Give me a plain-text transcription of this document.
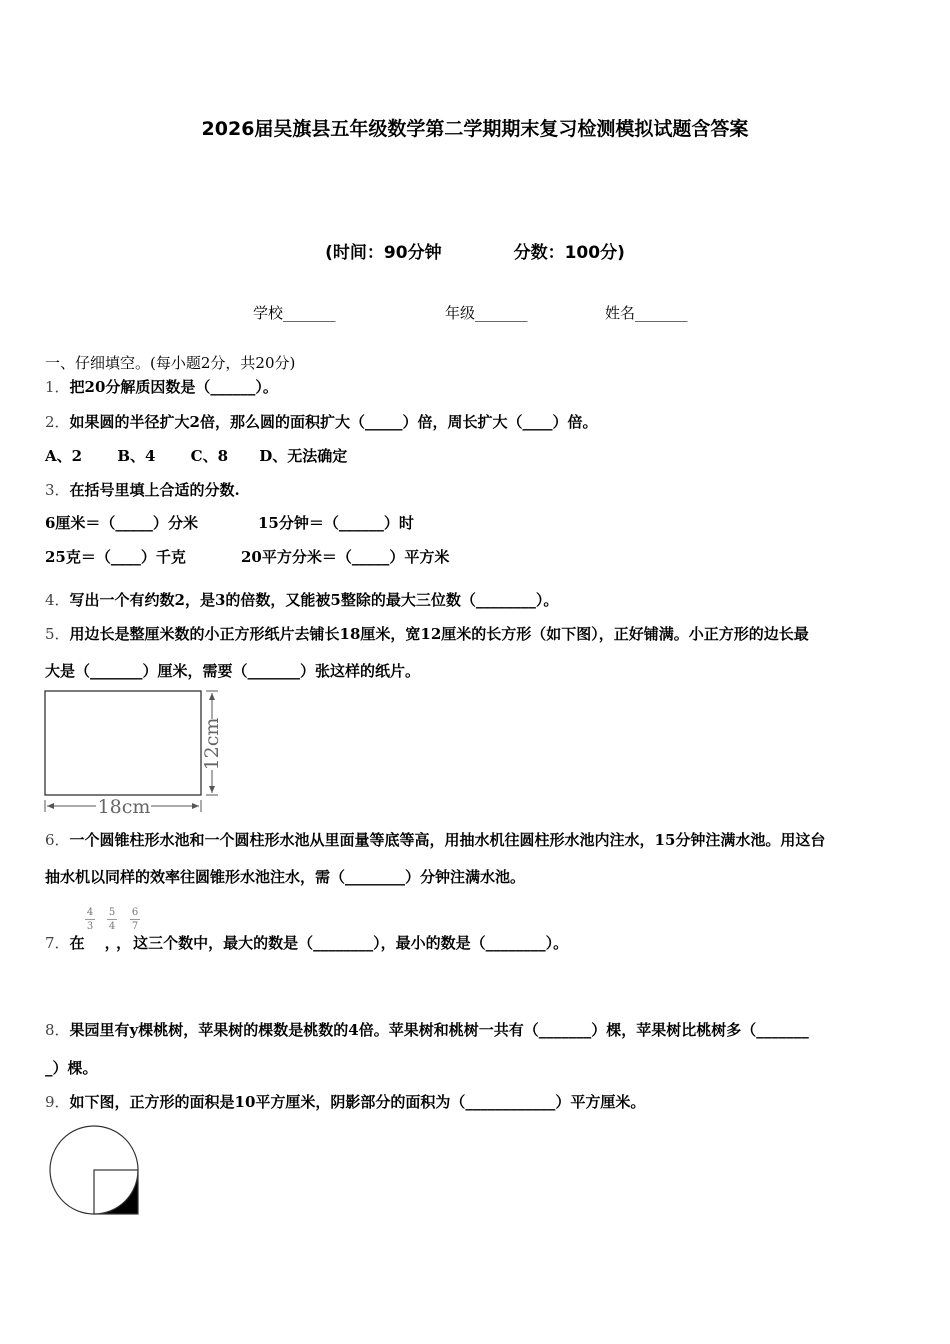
2026届吴旗县五年级数学第二学期期末复习检测模拟试题含答案
(时间：90分钟	分数：100分)
学校_______	年级_______	姓名_______
一、仔细填空。(每小题2分，共20分)
1．把20分解质因数是（______）。
2．如果圆的半径扩大2倍，那么圆的面积扩大（_____）倍，周长扩大（____）倍。
A、2 B、4 C、8 D、无法确定
3．在括号里填上合适的分数.
6厘米＝（_____）分米	15分钟＝（______）时
25克＝（____）千克	20平方分米＝（_____）平方米
4．写出一个有约数2，是3的倍数，又能被5整除的最大三位数（________）。
5．用边长是整厘米数的小正方形纸片去铺长18厘米，宽12厘米的长方形（如下图），正好铺满。小正方形的边长最
大是（_______）厘米，需要（_______）张这样的纸片。
18cm
12cm
6．一个圆锥柱形水池和一个圆柱形水池从里面量等底等高，用抽水机往圆柱形水池内注水，15分钟注满水池。用这台
抽水机以同样的效率往圆锥形水池注水，需（________）分钟注满水池。
$\frac{4}{3} \frac{5}{4} \frac{6}{7}$
7．在 ， ， 这三个数中，最大的数是（________），最小的数是（________）。
8．果园里有y棵桃树，苹果树的棵数是桃数的4倍。苹果树和桃树一共有（_______）棵，苹果树比桃树多（_______
_）棵。
9．如下图，正方形的面积是10平方厘米，阴影部分的面积为（____________）平方厘米。
